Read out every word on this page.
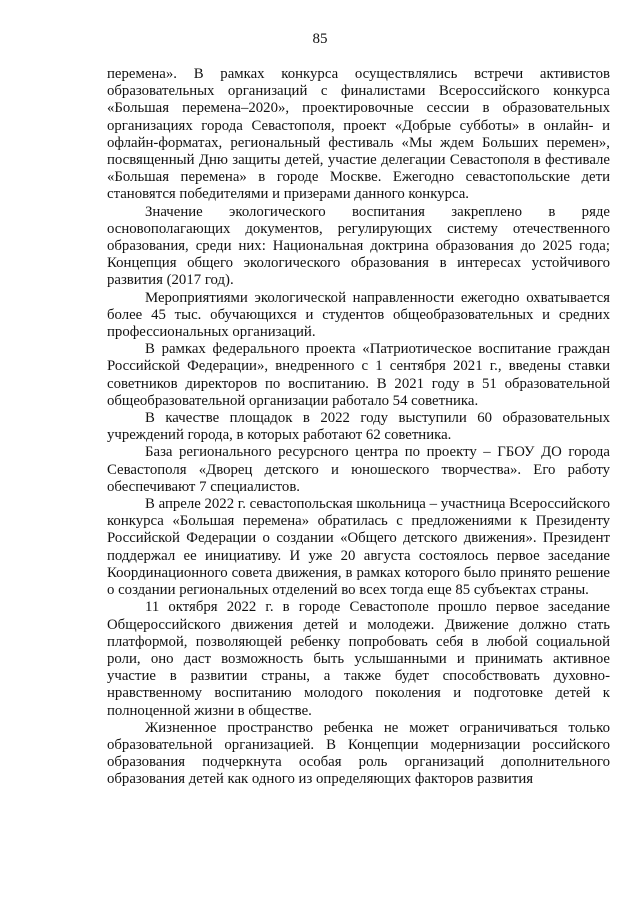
85

перемена». В рамках конкурса осуществлялись встречи активистов образовательных организаций с финалистами Всероссийского конкурса «Большая перемена–2020», проектировочные сессии в образовательных организациях города Севастополя, проект «Добрые субботы» в онлайн- и офлайн-форматах, региональный фестиваль «Мы ждем Больших перемен», посвященный Дню защиты детей, участие делегации Севастополя в фестивале «Большая перемена» в городе Москве. Ежегодно севастопольские дети становятся победителями и призерами данного конкурса.

Значение экологического воспитания закреплено в ряде основополагающих документов, регулирующих систему отечественного образования, среди них: Национальная доктрина образования до 2025 года; Концепция общего экологического образования в интересах устойчивого развития (2017 год).

Мероприятиями экологической направленности ежегодно охватывается более 45 тыс. обучающихся и студентов общеобразовательных и средних профессиональных организаций.

В рамках федерального проекта «Патриотическое воспитание граждан Российской Федерации», внедренного с 1 сентября 2021 г., введены ставки советников директоров по воспитанию. В 2021 году в 51 образовательной общеобразовательной организации работало 54 советника.

В качестве площадок в 2022 году выступили 60 образовательных учреждений города, в которых работают 62 советника.

База регионального ресурсного центра по проекту – ГБОУ ДО города Севастополя «Дворец детского и юношеского творчества». Его работу обеспечивают 7 специалистов.

В апреле 2022 г. севастопольская школьница – участница Всероссийского конкурса «Большая перемена» обратилась с предложениями к Президенту Российской Федерации о создании «Общего детского движения». Президент поддержал ее инициативу. И уже 20 августа состоялось первое заседание Координационного совета движения, в рамках которого было принято решение о создании региональных отделений во всех тогда еще 85 субъектах страны.

11 октября 2022 г. в городе Севастополе прошло первое заседание Общероссийского движения детей и молодежи. Движение должно стать платформой, позволяющей ребенку попробовать себя в любой социальной роли, оно даст возможность быть услышанными и принимать активное участие в развитии страны, а также будет способствовать духовно-нравственному воспитанию молодого поколения и подготовке детей к полноценной жизни в обществе.

Жизненное пространство ребенка не может ограничиваться только образовательной организацией. В Концепции модернизации российского образования подчеркнута особая роль организаций дополнительного образования детей как одного из определяющих факторов развития
